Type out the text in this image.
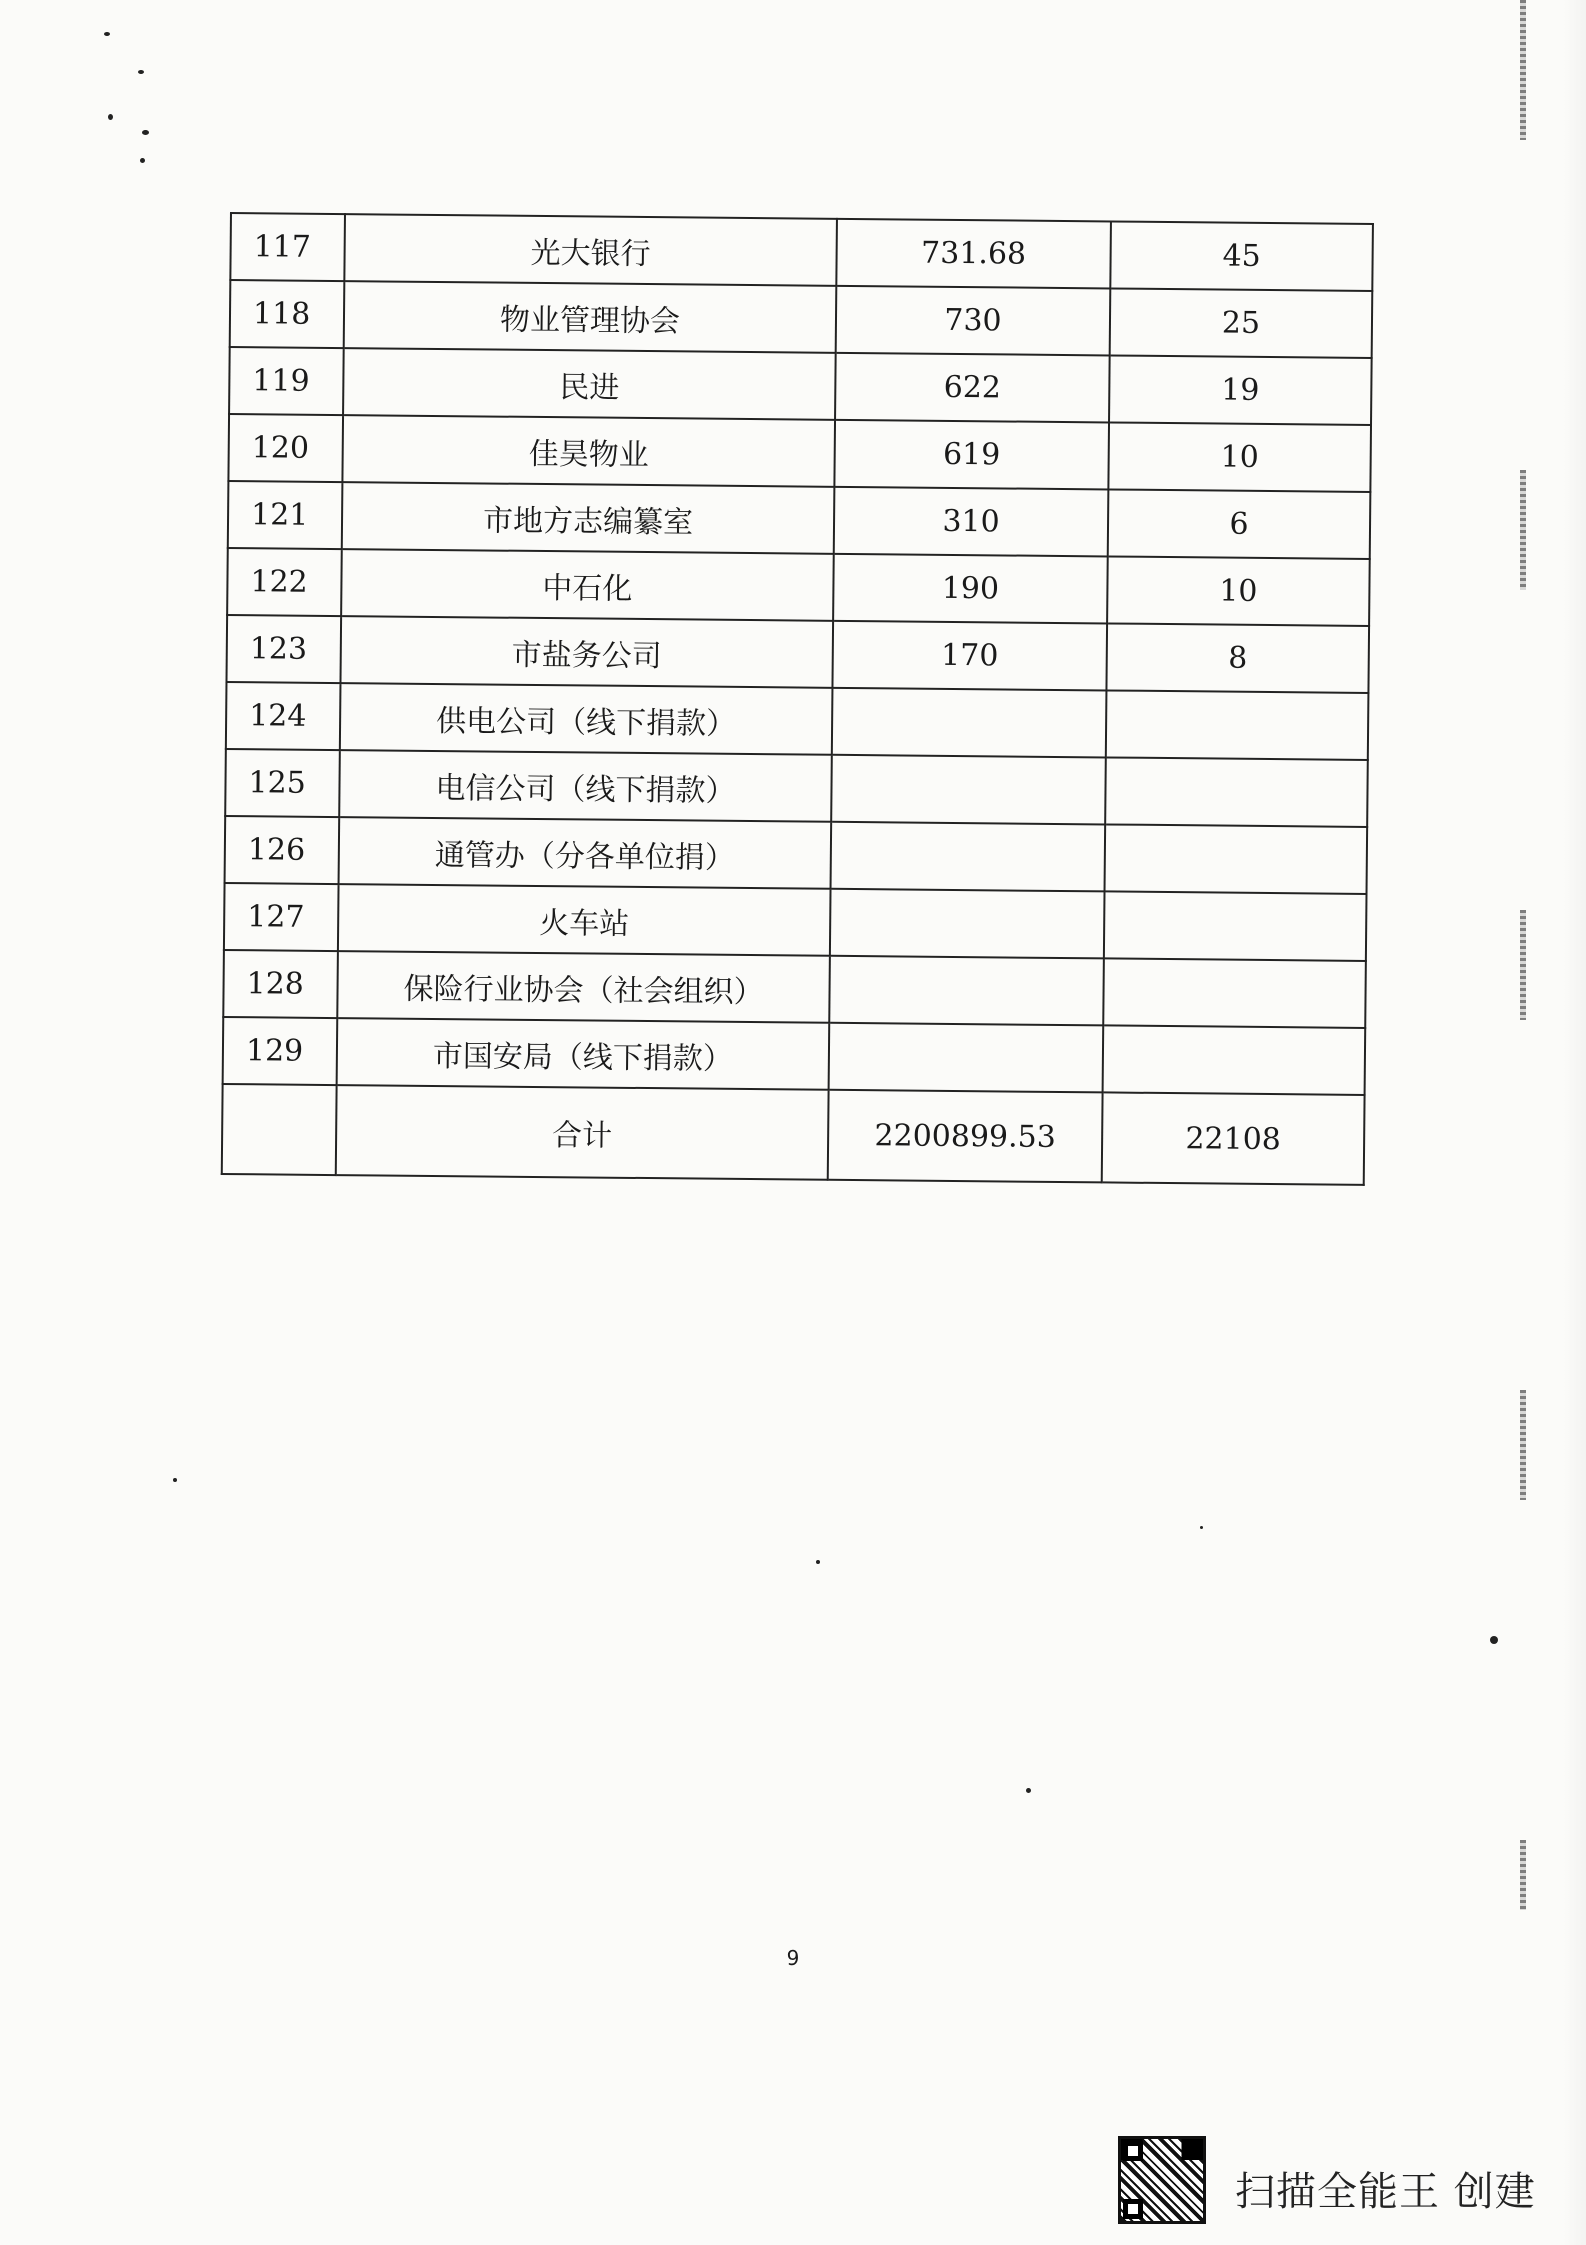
117	光大银行	731.68	45
118	物业管理协会	730	25
119	民进	622	19
120	佳昊物业	619	10
121	市地方志编纂室	310	6
122	中石化	190	10
123	市盐务公司	170	8
124	供电公司（线下捐款）		
125	电信公司（线下捐款）		
126	通管办（分各单位捐）		
127	火车站		
128	保险行业协会（社会组织）		
129	市国安局（线下捐款）		
	合计	2200899.53	22108
9
扫描全能王 创建
